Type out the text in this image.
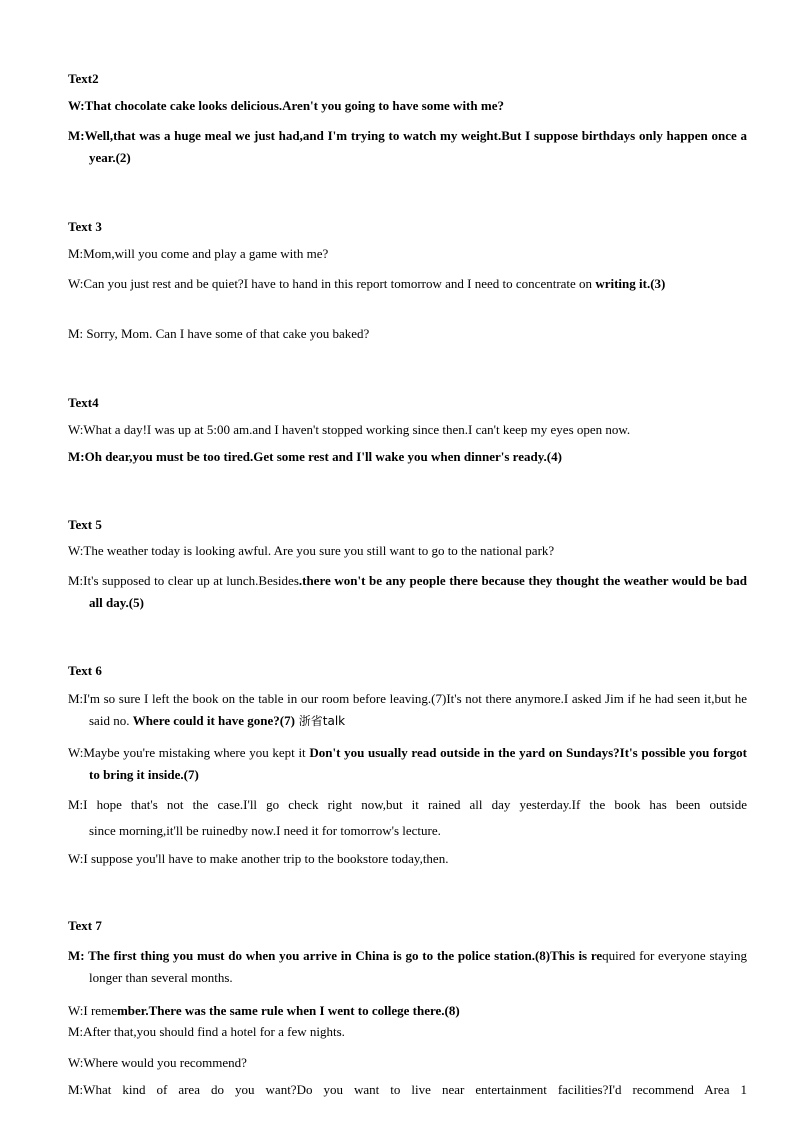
Text2

W:That chocolate cake looks delicious.Aren't you going to have some with me?

M:Well,that was a huge meal we just had,and I'm trying to watch my weight.But I suppose birthdays only happen once a year.(2)

Text 3

M:Mom,will you come and play a game with me?

W:Can you just rest and be quiet?I have to hand in this report tomorrow and I need to concentrate on writing it.(3)

M: Sorry, Mom. Can I have some of that cake you baked?

Text4

W:What a day!I was up at 5:00 am.and I haven't stopped working since then.I can't keep my eyes open now.

M:Oh dear,you must be too tired.Get some rest and I'll wake you when dinner's ready.(4)

Text 5

W:The weather today is looking awful. Are you sure you still want to go to the national park?

M:It's supposed to clear up at lunch.Besides.there won't be any people there because they thought the weather would be bad all day.(5)

Text 6

M:I'm so sure I left the book on the table in our room before leaving.(7)It's not there anymore.I asked Jim if he had seen it,but he said no. Where could it have gone?(7) 浙省talk

W:Maybe you're mistaking where you kept it Don't you usually read outside in the yard on Sundays?It's possible you forgot to bring it inside.(7)

M:I hope that's not the case.I'll go check right now,but it rained all day yesterday.If the book has been outside

since morning,it'll be ruinedby now.I need it for tomorrow's lecture.

W:I suppose you'll have to make another trip to the bookstore today,then.

Text 7

M: The first thing you must do when you arrive in China is go to the police station.(8)This is required for everyone staying longer than several months.

W:I remember.There was the same rule when I went to college there.(8)

M:After that,you should find a hotel for a few nights.

W:Where would you recommend?

M:What kind of area do you want?Do you want to live near entertainment facilities?I'd recommend Area 1
